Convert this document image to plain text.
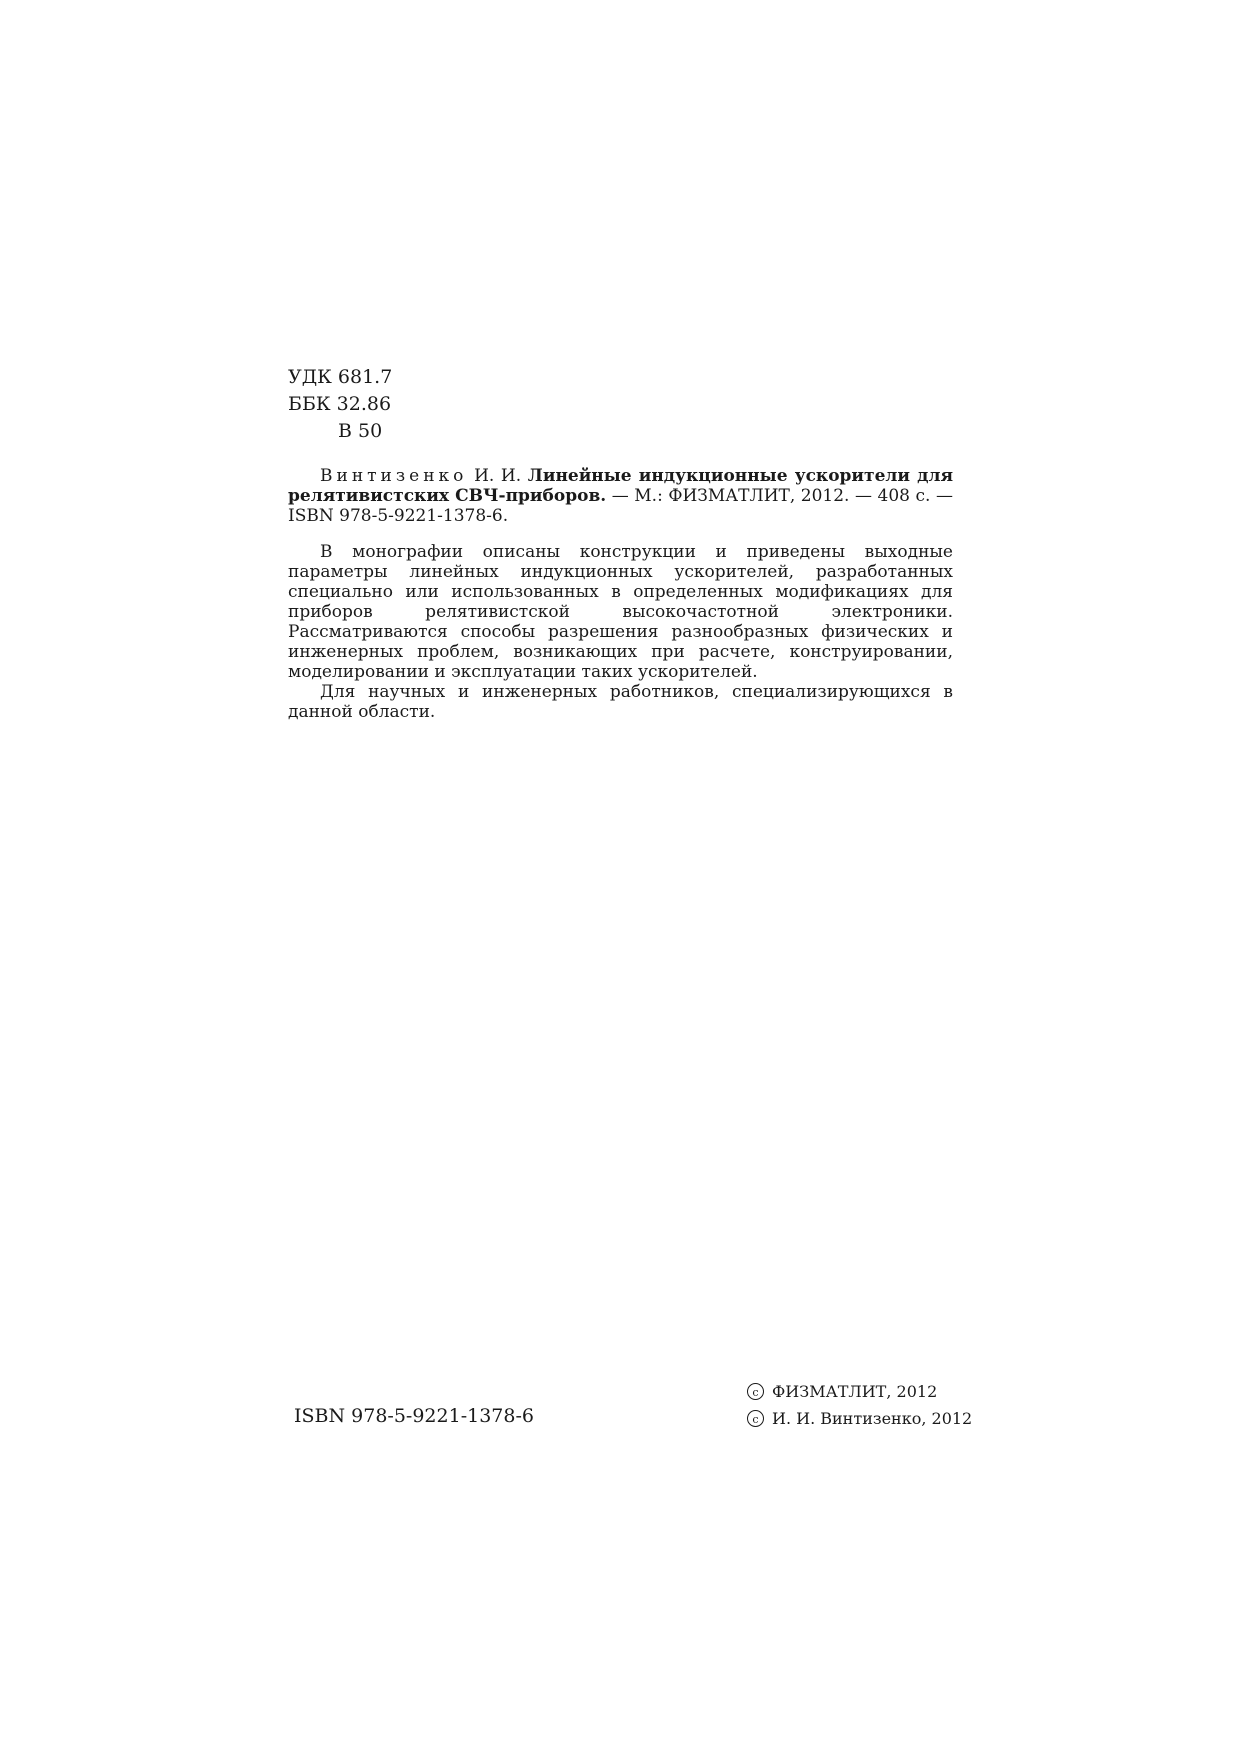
УДК 681.7
ББК 32.86
В 50

Винтизенко И. И. Линейные индукционные ускорители для релятивистских СВЧ-приборов. — М.: ФИЗМАТЛИТ, 2012. — 408 с. — ISBN 978-5-9221-1378-6.

В монографии описаны конструкции и приведены выходные параметры линейных индукционных ускорителей, разработанных специально или использованных в определенных модификациях для приборов релятивистской высокочастотной электроники. Рассматриваются способы разрешения разнообразных физических и инженерных проблем, возникающих при расчете, конструировании, моделировании и эксплуатации таких ускорителей.

Для научных и инженерных работников, специализирующихся в данной области.

ISBN 978-5-9221-1378-6
c ФИЗМАТЛИТ, 2012
c И. И. Винтизенко, 2012
